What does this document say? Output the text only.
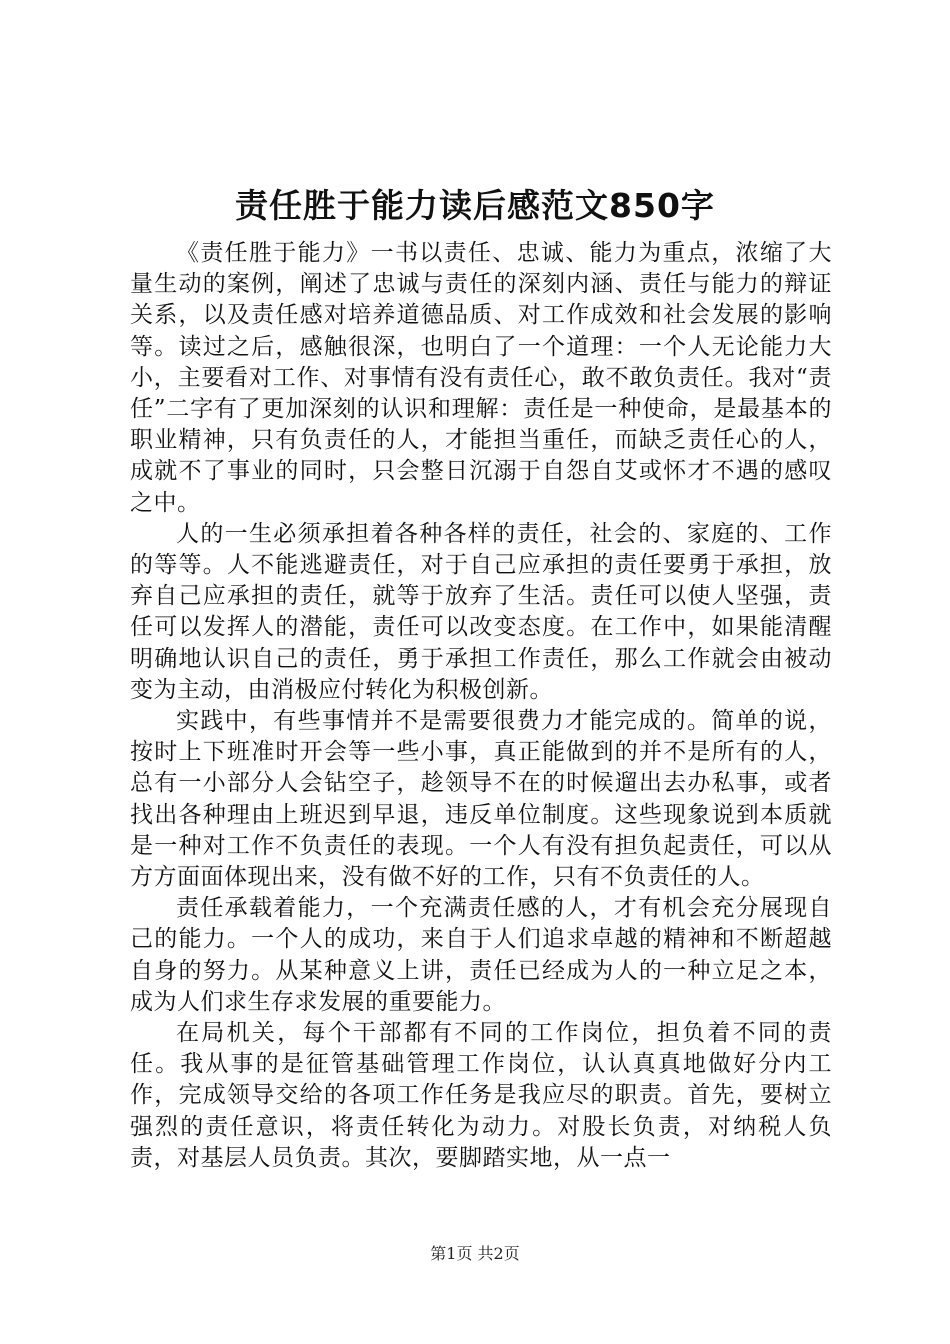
责任胜于能力读后感范文850字

《责任胜于能力》一书以责任、忠诚、能力为重点，浓缩了大量生动的案例，阐述了忠诚与责任的深刻内涵、责任与能力的辩证关系，以及责任感对培养道德品质、对工作成效和社会发展的影响等。读过之后，感触很深，也明白了一个道理：一个人无论能力大小，主要看对工作、对事情有没有责任心，敢不敢负责任。我对“责任”二字有了更加深刻的认识和理解：责任是一种使命，是最基本的职业精神，只有负责任的人，才能担当重任，而缺乏责任心的人，成就不了事业的同时，只会整日沉溺于自怨自艾或怀才不遇的感叹之中。

人的一生必须承担着各种各样的责任，社会的、家庭的、工作的等等。人不能逃避责任，对于自己应承担的责任要勇于承担，放弃自己应承担的责任，就等于放弃了生活。责任可以使人坚强，责任可以发挥人的潜能，责任可以改变态度。在工作中，如果能清醒明确地认识自己的责任，勇于承担工作责任，那么工作就会由被动变为主动，由消极应付转化为积极创新。

实践中，有些事情并不是需要很费力才能完成的。简单的说，按时上下班准时开会等一些小事，真正能做到的并不是所有的人，总有一小部分人会钻空子，趁领导不在的时候遛出去办私事，或者找出各种理由上班迟到早退，违反单位制度。这些现象说到本质就是一种对工作不负责任的表现。一个人有没有担负起责任，可以从方方面面体现出来，没有做不好的工作，只有不负责任的人。

责任承载着能力，一个充满责任感的人，才有机会充分展现自己的能力。一个人的成功，来自于人们追求卓越的精神和不断超越自身的努力。从某种意义上讲，责任已经成为人的一种立足之本，成为人们求生存求发展的重要能力。

在局机关，每个干部都有不同的工作岗位，担负着不同的责任。我从事的是征管基础管理工作岗位，认认真真地做好分内工作，完成领导交给的各项工作任务是我应尽的职责。首先，要树立强烈的责任意识，将责任转化为动力。对股长负责，对纳税人负责，对基层人员负责。其次，要脚踏实地，从一点一

第1页 共2页
